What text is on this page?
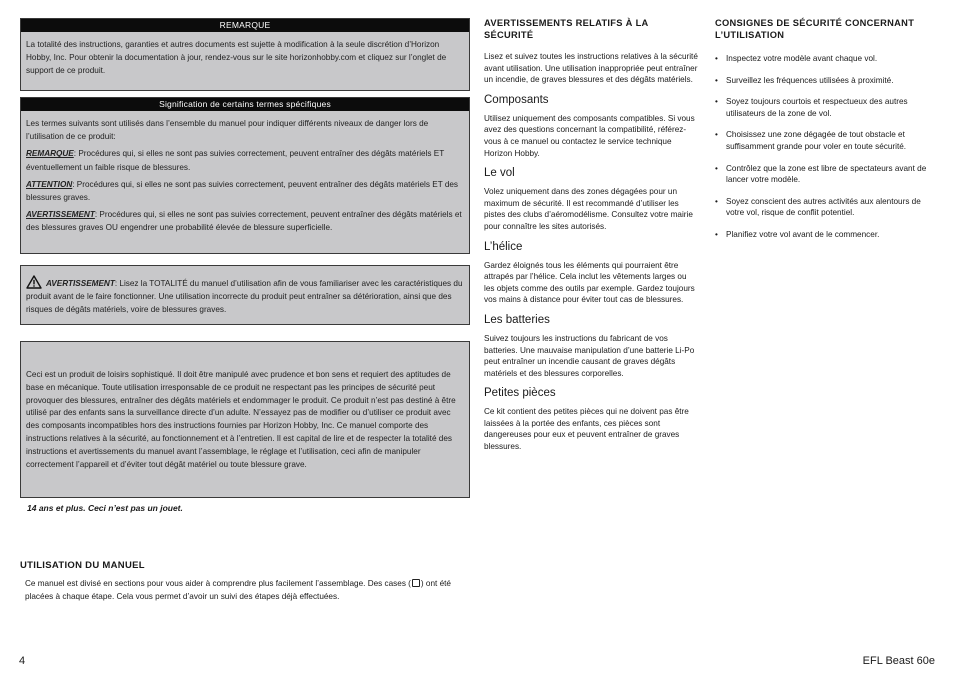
REMARQUE

La totalité des instructions, garanties et autres documents est sujette à modification à la seule discrétion d’Horizon Hobby, Inc. Pour obtenir la documentation à jour, rendez-vous sur le site horizonhobby.com et cliquez sur l’onglet de support de ce produit.

Signification de certains termes spécifiques

Les termes suivants sont utilisés dans l’ensemble du manuel pour indiquer différents niveaux de danger lors de l’utilisation de ce produit:

REMARQUE: Procédures qui, si elles ne sont pas suivies correctement, peuvent entraîner des dégâts matériels ET éventuellement un faible risque de blessures.

ATTENTION: Procédures qui, si elles ne sont pas suivies correctement, peuvent entraîner des dégâts matériels ET des blessures graves.

AVERTISSEMENT: Procédures qui, si elles ne sont pas suivies correctement, peuvent entraîner des dégâts matériels et des blessures graves OU engendrer une probabilité élevée de blessure superficielle.

AVERTISSEMENT: Lisez la TOTALITÉ du manuel d’utilisation afin de vous familiariser avec les caractéristiques du produit avant de le faire fonctionner. Une utilisation incorrecte du produit peut entraîner sa détérioration, ainsi que des risques de dégâts matériels, voire de blessures graves.

Ceci est un produit de loisirs sophistiqué. Il doit être manipulé avec prudence et bon sens et requiert des aptitudes de base en mécanique. Toute utilisation irresponsable de ce produit ne respectant pas les principes de sécurité peut provoquer des blessures, entraîner des dégâts matériels et endommager le produit. Ce produit n’est pas destiné à être utilisé par des enfants sans la surveillance directe d’un adulte. N’essayez pas de modifier ou d’utiliser ce produit avec des composants incompatibles hors des instructions fournies par Horizon Hobby, Inc. Ce manuel comporte des instructions relatives à la sécurité, au fonctionnement et à l’entretien. Il est capital de lire et de respecter la totalité des instructions et avertissements du manuel avant l’assemblage, le réglage et l’utilisation, ceci afin de manipuler correctement l’appareil et d’éviter tout dégât matériel ou toute blessure grave.

14 ans et plus. Ceci n’est pas un jouet.
UTILISATION DU MANUEL
Ce manuel est divisé en sections pour vous aider à comprendre plus facilement l’assemblage. Des cases ( ) ont été placées à chaque étape. Cela vous permet d’avoir un suivi des étapes déjà effectuées.
AVERTISSEMENTS RELATIFS À LA SÉCURITÉ

Lisez et suivez toutes les instructions relatives à la sécurité avant utilisation. Une utilisation inappropriée peut entraîner un incendie, de graves blessures et des dégâts matériels.

Composants

Utilisez uniquement des composants compatibles. Si vous avez des questions concernant la compatibilité, référez-vous à ce manuel ou contactez le service technique Horizon Hobby.

Le vol

Volez uniquement dans des zones dégagées pour un maximum de sécurité. Il est recommandé d’utiliser les pistes des clubs d’aéromodélisme. Consultez votre mairie pour connaître les sites autorisés.

L’hélice

Gardez éloignés tous les éléments qui pourraient être attrapés par l’hélice. Cela inclut les vêtements larges ou les objets comme des outils par exemple. Gardez toujours vos mains à distance pour éviter tout cas de blessures.

Les batteries

Suivez toujours les instructions du fabricant de vos batteries. Une mauvaise manipulation d’une batterie Li-Po peut entraîner un incendie causant de graves dégâts matériels et des blessures corporelles.

Petites pièces

Ce kit contient des petites pièces qui ne doivent pas être laissées à la portée des enfants, ces pièces sont dangereuses pour eux et peuvent entraîner de graves blessures.

CONSIGNES DE SÉCURITÉ CONCERNANT L’UTILISATION
• Inspectez votre modèle avant chaque vol.
• Surveillez les fréquences utilisées à proximité.
• Soyez toujours courtois et respectueux des autres utilisateurs de la zone de vol.
• Choisissez une zone dégagée de tout obstacle et suffisamment grande pour voler en toute sécurité.
• Contrôlez que la zone est libre de spectateurs avant de lancer votre modèle.
• Soyez conscient des autres activités aux alentours de votre vol, risque de conflit potentiel.
• Planifiez votre vol avant de le commencer.
4	EFL Beast 60e
